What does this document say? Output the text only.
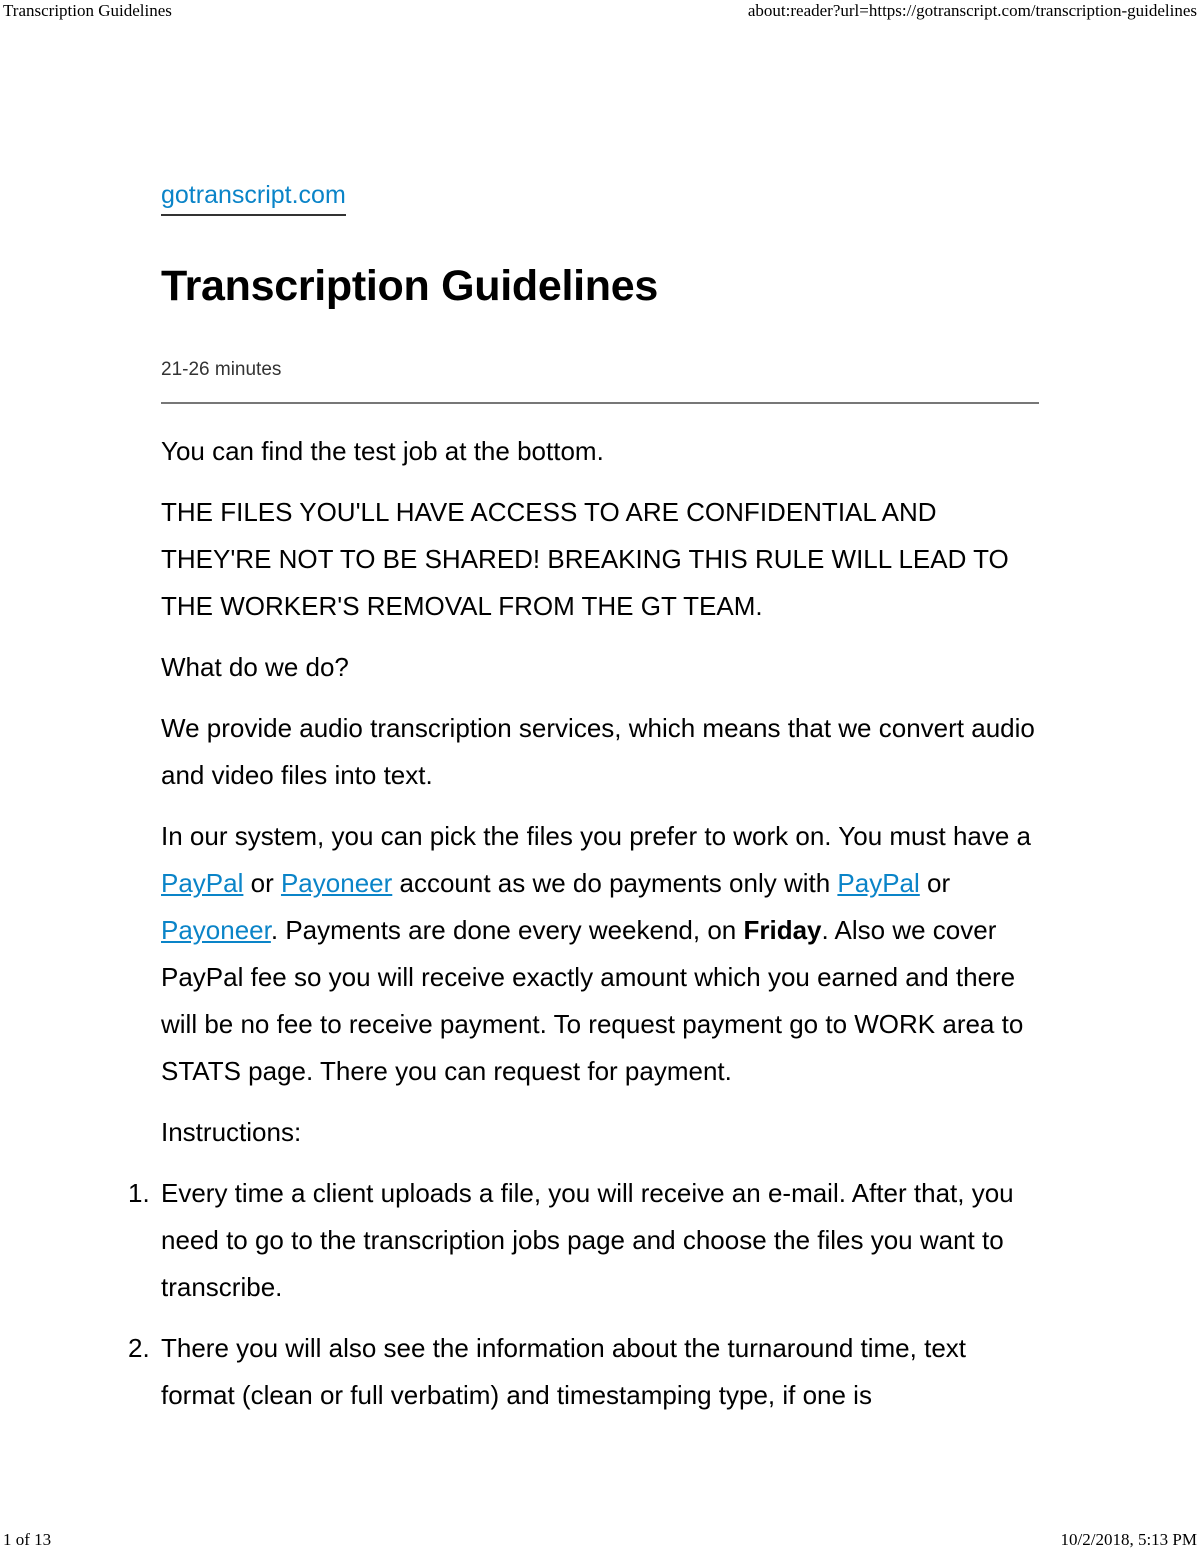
Transcription Guidelines	about:reader?url=https://gotranscript.com/transcription-guidelines
gotranscript.com
Transcription Guidelines
21-26 minutes

You can find the test job at the bottom.

THE FILES YOU'LL HAVE ACCESS TO ARE CONFIDENTIAL AND THEY'RE NOT TO BE SHARED! BREAKING THIS RULE WILL LEAD TO THE WORKER'S REMOVAL FROM THE GT TEAM.

What do we do?

We provide audio transcription services, which means that we convert audio and video files into text.

In our system, you can pick the files you prefer to work on. You must have a PayPal or Payoneer account as we do payments only with PayPal or Payoneer. Payments are done every weekend, on Friday. Also we cover PayPal fee so you will receive exactly amount which you earned and there will be no fee to receive payment. To request payment go to WORK area to STATS page. There you can request for payment.

Instructions:

1. Every time a client uploads a file, you will receive an e-mail. After that, you need to go to the transcription jobs page and choose the files you want to transcribe.
2. There you will also see the information about the turnaround time, text format (clean or full verbatim) and timestamping type, if one is
1 of 13	10/2/2018, 5:13 PM
